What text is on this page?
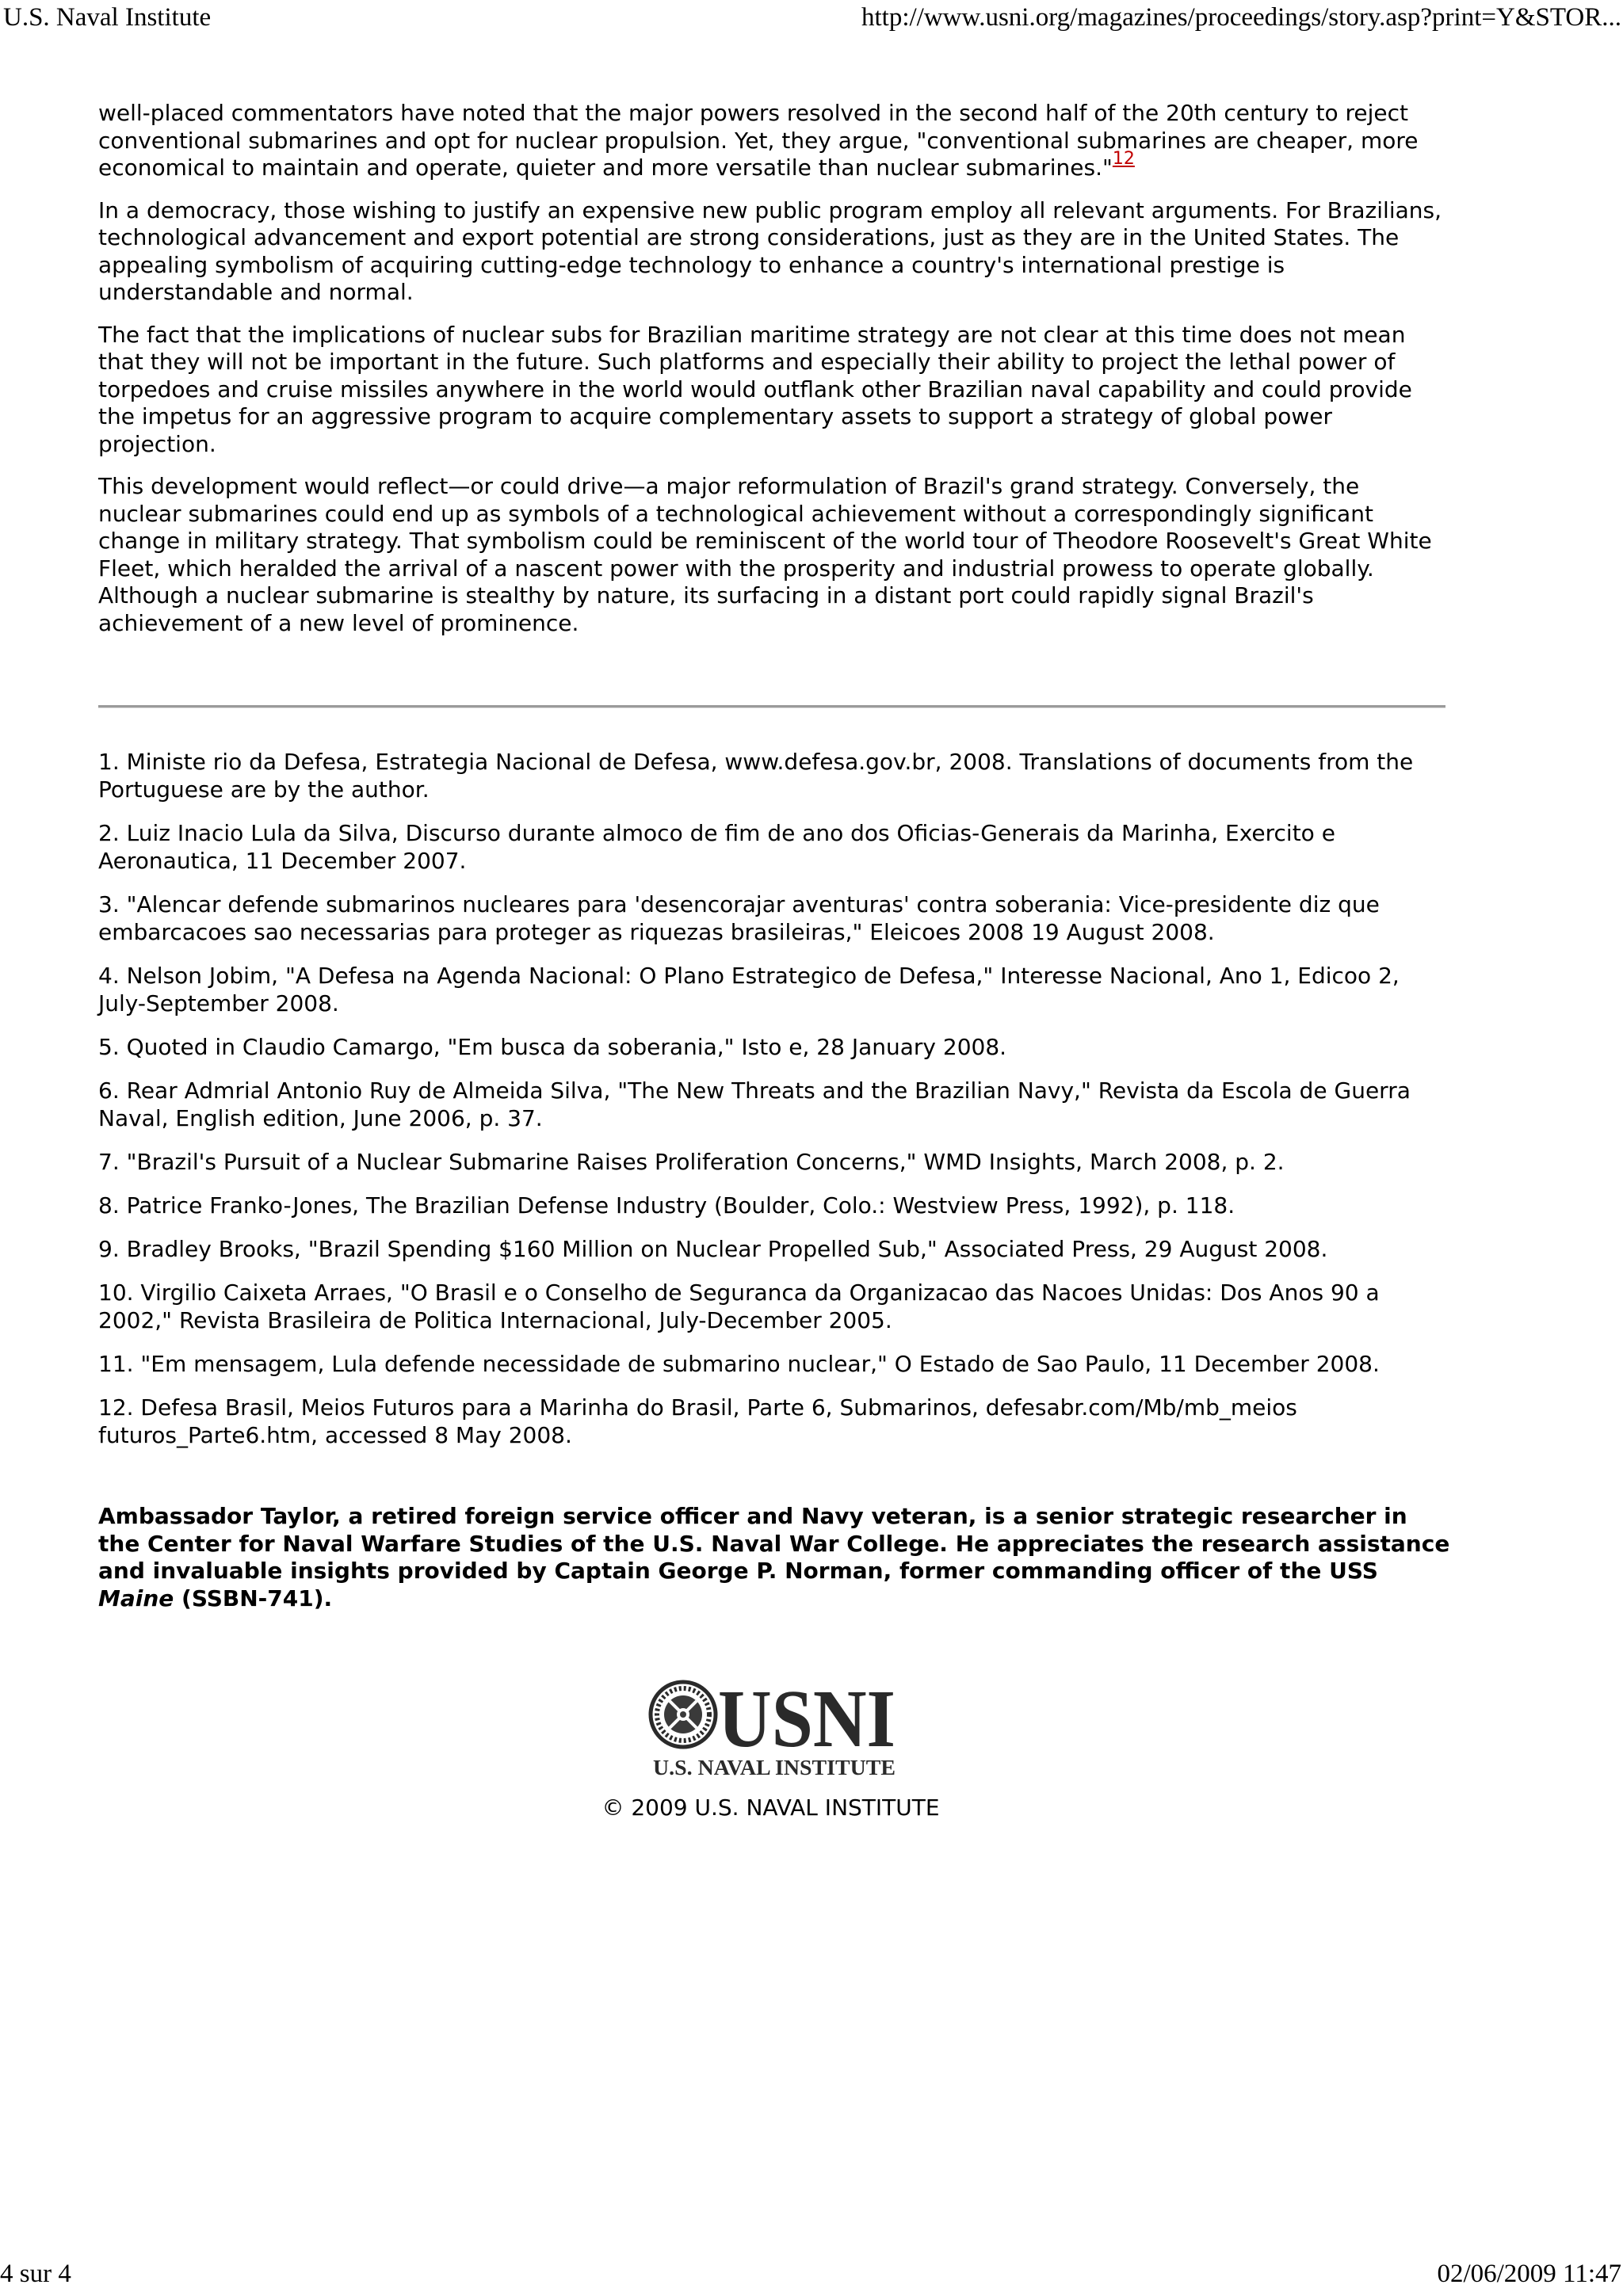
U.S. Naval Institute	http://www.usni.org/magazines/proceedings/story.asp?print=Y&STOR...

well-placed commentators have noted that the major powers resolved in the second half of the 20th century to reject conventional submarines and opt for nuclear propulsion. Yet, they argue, "conventional submarines are cheaper, more economical to maintain and operate, quieter and more versatile than nuclear submarines."$^{12}$

In a democracy, those wishing to justify an expensive new public program employ all relevant arguments. For Brazilians, technological advancement and export potential are strong considerations, just as they are in the United States. The appealing symbolism of acquiring cutting-edge technology to enhance a country's international prestige is understandable and normal.

The fact that the implications of nuclear subs for Brazilian maritime strategy are not clear at this time does not mean that they will not be important in the future. Such platforms and especially their ability to project the lethal power of torpedoes and cruise missiles anywhere in the world would outflank other Brazilian naval capability and could provide the impetus for an aggressive program to acquire complementary assets to support a strategy of global power projection.

This development would reflect—or could drive—a major reformulation of Brazil's grand strategy. Conversely, the nuclear submarines could end up as symbols of a technological achievement without a correspondingly significant change in military strategy. That symbolism could be reminiscent of the world tour of Theodore Roosevelt's Great White Fleet, which heralded the arrival of a nascent power with the prosperity and industrial prowess to operate globally. Although a nuclear submarine is stealthy by nature, its surfacing in a distant port could rapidly signal Brazil's achievement of a new level of prominence.

1. Ministe rio da Defesa, Estrategia Nacional de Defesa, www.defesa.gov.br, 2008. Translations of documents from the Portuguese are by the author.

2. Luiz Inacio Lula da Silva, Discurso durante almoco de fim de ano dos Oficias-Generais da Marinha, Exercito e Aeronautica, 11 December 2007.

3. "Alencar defende submarinos nucleares para 'desencorajar aventuras' contra soberania: Vice-presidente diz que embarcacoes sao necessarias para proteger as riquezas brasileiras," Eleicoes 2008 19 August 2008.

4. Nelson Jobim, "A Defesa na Agenda Nacional: O Plano Estrategico de Defesa," Interesse Nacional, Ano 1, Edicoo 2, July-September 2008.

5. Quoted in Claudio Camargo, "Em busca da soberania," Isto e, 28 January 2008.

6. Rear Admrial Antonio Ruy de Almeida Silva, "The New Threats and the Brazilian Navy," Revista da Escola de Guerra Naval, English edition, June 2006, p. 37.

7. "Brazil's Pursuit of a Nuclear Submarine Raises Proliferation Concerns," WMD Insights, March 2008, p. 2.

8. Patrice Franko-Jones, The Brazilian Defense Industry (Boulder, Colo.: Westview Press, 1992), p. 118.

9. Bradley Brooks, "Brazil Spending $160 Million on Nuclear Propelled Sub," Associated Press, 29 August 2008.

10. Virgilio Caixeta Arraes, "O Brasil e o Conselho de Seguranca da Organizacao das Nacoes Unidas: Dos Anos 90 a 2002," Revista Brasileira de Politica Internacional, July-December 2005.

11. "Em mensagem, Lula defende necessidade de submarino nuclear," O Estado de Sao Paulo, 11 December 2008.

12. Defesa Brasil, Meios Futuros para a Marinha do Brasil, Parte 6, Submarinos, defesabr.com/Mb/mb_meios futuros_Parte6.htm, accessed 8 May 2008.

Ambassador Taylor, a retired foreign service officer and Navy veteran, is a senior strategic researcher in the Center for Naval Warfare Studies of the U.S. Naval War College. He appreciates the research assistance and invaluable insights provided by Captain George P. Norman, former commanding officer of the USS Maine (SSBN-741).
USNI
U.S. NAVAL INSTITUTE
© 2009 U.S. NAVAL INSTITUTE
4 sur 4	02/06/2009 11:47
